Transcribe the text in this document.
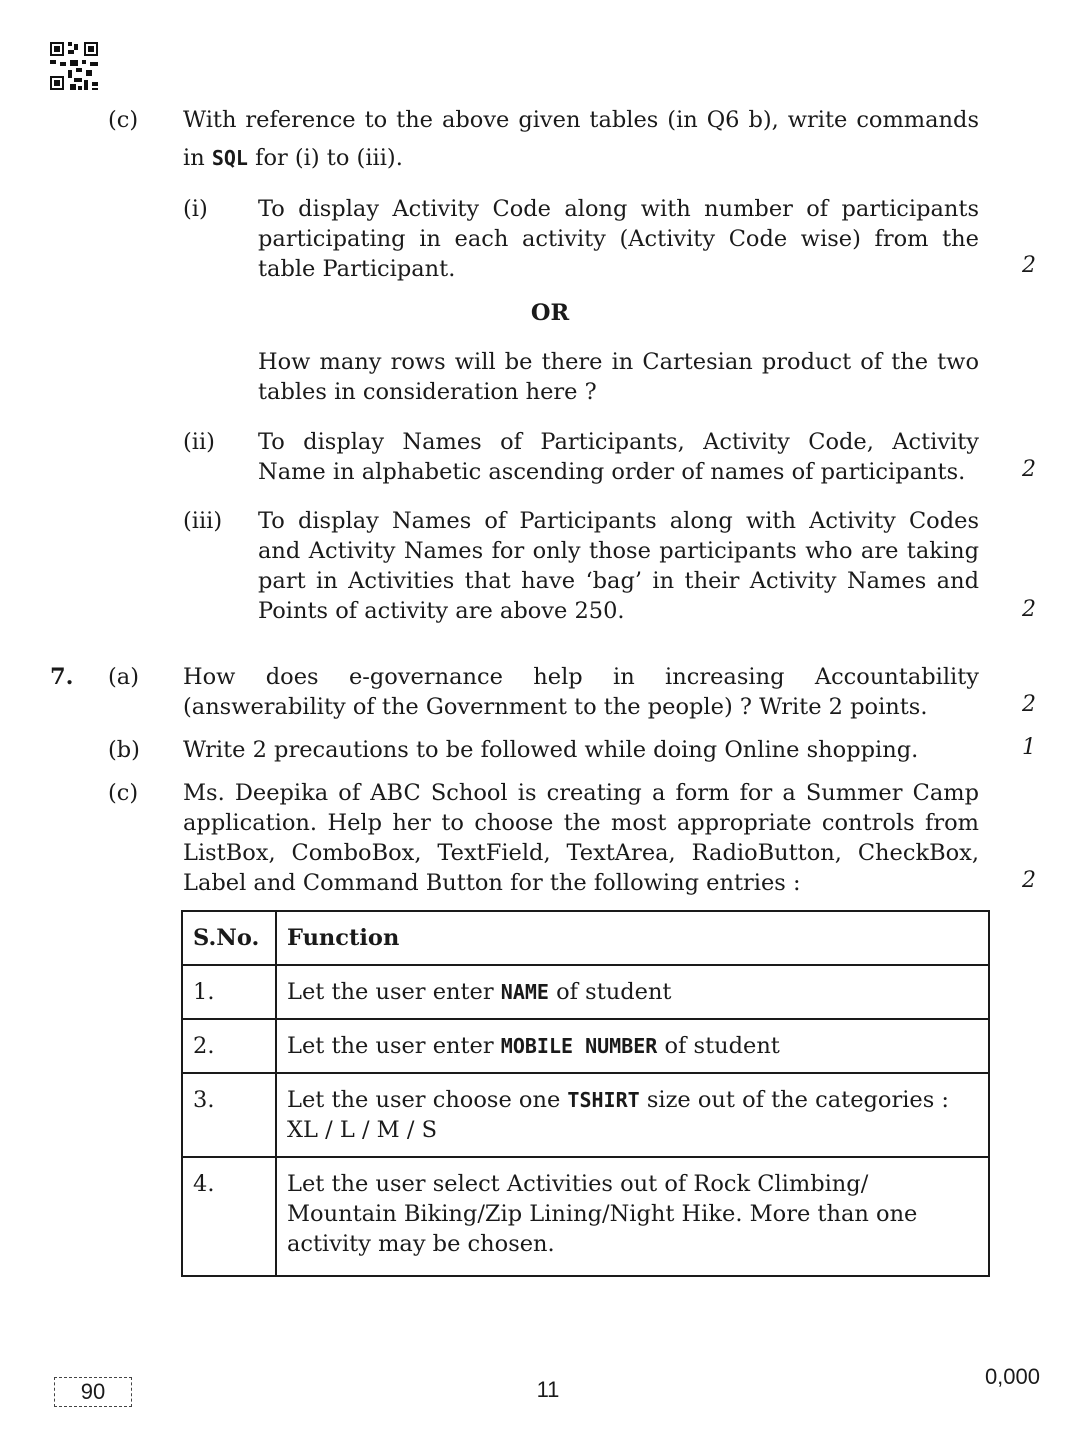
(c) With reference to the above given tables (in Q6 b), write commands
in SQL for (i) to (iii).
(i) To display Activity Code along with number of participants
participating in each activity (Activity Code wise) from the
table Participant.	2
OR
How many rows will be there in Cartesian product of the two
tables in consideration here ?
(ii) To display Names of Participants, Activity Code, Activity
Name in alphabetic ascending order of names of participants.	2
(iii) To display Names of Participants along with Activity Codes
and Activity Names for only those participants who are taking
part in Activities that have ‘bag’ in their Activity Names and
Points of activity are above 250.	2
7. (a) How does e-governance help in increasing Accountability
(answerability of the Government to the people) ? Write 2 points.	2
(b) Write 2 precautions to be followed while doing Online shopping.	1
(c) Ms. Deepika of ABC School is creating a form for a Summer Camp
application. Help her to choose the most appropriate controls from
ListBox, ComboBox, TextField, TextArea, RadioButton, CheckBox,
Label and Command Button for the following entries :	2
S.No.	Function
1.	Let the user enter NAME of student
2.	Let the user enter MOBILE NUMBER of student
3.	Let the user choose one TSHIRT size out of the categories :
XL / L / M / S
4.	Let the user select Activities out of Rock Climbing/
Mountain Biking/Zip Lining/Night Hike. More than one
activity may be chosen.
90	11
0,000
